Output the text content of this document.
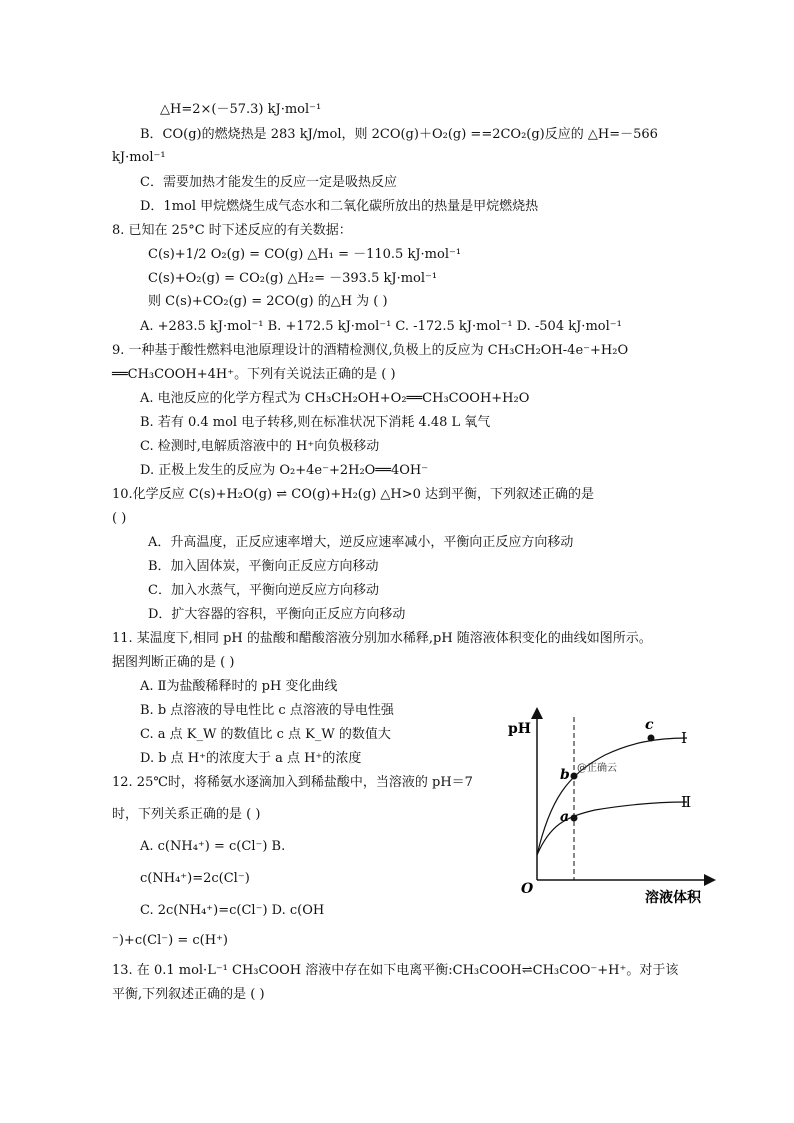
△H=2×(－57.3) kJ·mol⁻¹
B．CO(g)的燃烧热是 283 kJ/mol，则 2CO(g)＋O₂(g) ==2CO₂(g)反应的 △H=－566
kJ·mol⁻¹
C．需要加热才能发生的反应一定是吸热反应
D．1mol 甲烷燃烧生成气态水和二氧化碳所放出的热量是甲烷燃烧热
8. 已知在 25°C 时下述反应的有关数据：
C(s)+1/2 O₂(g) = CO(g) △H₁ = －110.5 kJ·mol⁻¹
C(s)+O₂(g) = CO₂(g) △H₂= －393.5 kJ·mol⁻¹
则 C(s)+CO₂(g) = 2CO(g) 的△H 为 ( )
A. +283.5 kJ·mol⁻¹ B. +172.5 kJ·mol⁻¹ C. -172.5 kJ·mol⁻¹ D. -504 kJ·mol⁻¹
9. 一种基于酸性燃料电池原理设计的酒精检测仪,负极上的反应为 CH₃CH₂OH-4e⁻+H₂O
══CH₃COOH+4H⁺。下列有关说法正确的是 ( )
A. 电池反应的化学方程式为 CH₃CH₂OH+O₂══CH₃COOH+H₂O
B. 若有 0.4 mol 电子转移,则在标准状况下消耗 4.48 L 氧气
C. 检测时,电解质溶液中的 H⁺向负极移动
D. 正极上发生的反应为 O₂+4e⁻+2H₂O══4OH⁻
10.化学反应 C(s)+H₂O(g) ⇌ CO(g)+H₂(g) △H>0 达到平衡，下列叙述正确的是
( )
A．升高温度，正反应速率增大，逆反应速率减小，平衡向正反应方向移动
B．加入固体炭，平衡向正反应方向移动
C．加入水蒸气，平衡向逆反应方向移动
D．扩大容器的容积，平衡向正反应方向移动
11. 某温度下,相同 pH 的盐酸和醋酸溶液分别加水稀释,pH 随溶液体积变化的曲线如图所示。
据图判断正确的是 ( )
A. Ⅱ为盐酸稀释时的 pH 变化曲线
B. b 点溶液的导电性比 c 点溶液的导电性强
C. a 点 K_W 的数值比 c 点 K_W 的数值大
D. b 点 H⁺的浓度大于 a 点 H⁺的浓度
12. 25℃时，将稀氨水逐滴加入到稀盐酸中，当溶液的 pH＝7
时，下列关系正确的是 ( )
A. c(NH₄⁺) = c(Cl⁻) B.
c(NH₄⁺)=2c(Cl⁻)
C. 2c(NH₄⁺)=c(Cl⁻) D. c(OH
⁻)+c(Cl⁻) = c(H⁺)
13. 在 0.1 mol·L⁻¹ CH₃COOH 溶液中存在如下电离平衡:CH₃COOH⇌CH₃COO⁻+H⁺。对于该
平衡,下列叙述正确的是 ( )
pH
溶液体积
O
b
a
c
Ⅰ
Ⅱ
@正确云
